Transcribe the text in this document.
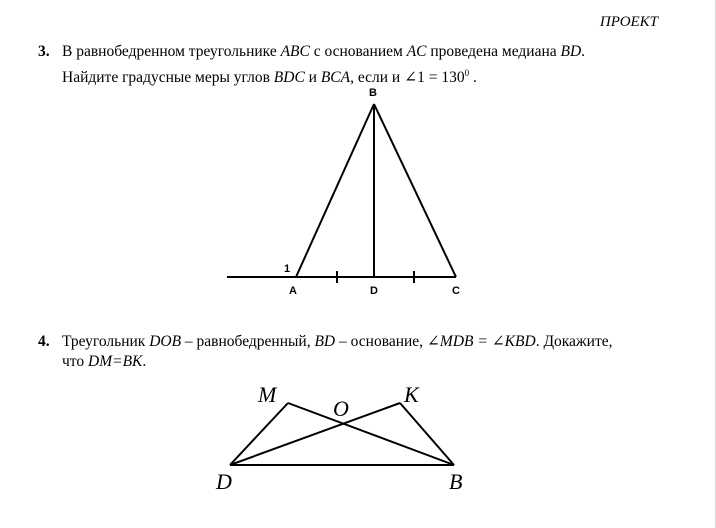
ПРОЕКТ
3. В равнобедренном треугольнике ABC с основанием AC проведена медиана BD.
Найдите градусные меры углов BDC и BCA, если и ∠1 = $130^0$ .
B
A	D	C
1
M
O
K
D	B
4. Треугольник DOB – равнобедренный, BD – основание, ∠MDB = ∠KBD. Докажите,
что DM=BK.
